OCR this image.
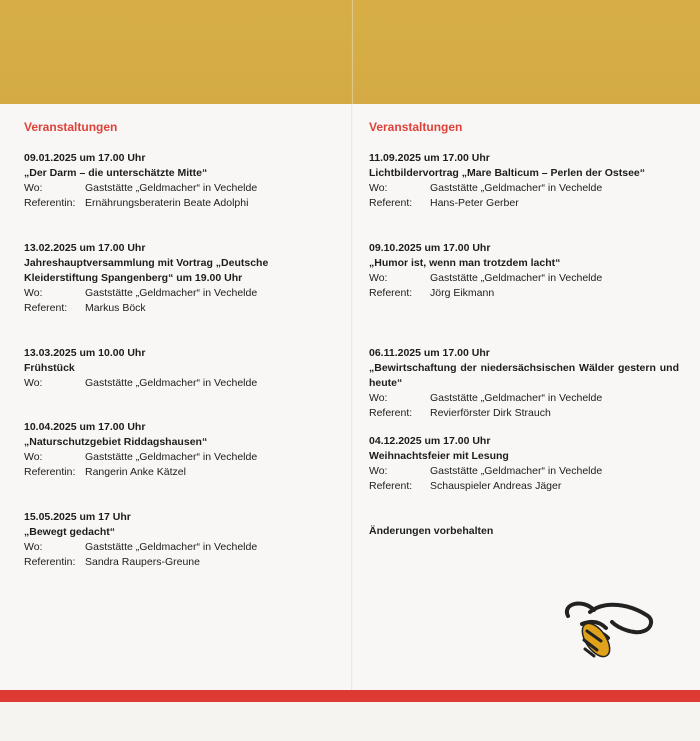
Veranstaltungen
09.01.2025 um 17.00 Uhr
„Der Darm – die unterschätzte Mitte“
Wo:	Gaststätte „Geldmacher“ in Vechelde
Referentin: Ernährungsberaterin Beate Adolphi
13.02.2025 um 17.00 Uhr
Jahreshauptversammlung mit Vortrag „Deutsche Kleiderstiftung Spangenberg“ um 19.00 Uhr
Wo:	Gaststätte „Geldmacher“ in Vechelde
Referent:	Markus Böck
13.03.2025 um 10.00 Uhr
Frühstück
Wo:	Gaststätte „Geldmacher“ in Vechelde
10.04.2025 um 17.00 Uhr
„Naturschutzgebiet Riddagshausen“
Wo:	Gaststätte „Geldmacher“ in Vechelde
Referentin: Rangerin Anke Kätzel
15.05.2025 um 17 Uhr
„Bewegt gedacht“
Wo:	Gaststätte „Geldmacher“ in Vechelde
Referentin: Sandra Raupers-Greune
Veranstaltungen
11.09.2025 um 17.00 Uhr
Lichtbildervortrag „Mare Balticum – Perlen der Ostsee“
Wo:	Gaststätte „Geldmacher“ in Vechelde
Referent:	Hans-Peter Gerber
09.10.2025 um 17.00 Uhr
„Humor ist, wenn man trotzdem lacht“
Wo:	Gaststätte „Geldmacher“ in Vechelde
Referent:	Jörg Eikmann
06.11.2025 um 17.00 Uhr
„Bewirtschaftung der niedersächsischen Wälder gestern und heute“
Wo:	Gaststätte „Geldmacher“ in Vechelde
Referent:	Revierförster Dirk Strauch
04.12.2025 um 17.00 Uhr
Weihnachtsfeier mit Lesung
Wo:	Gaststätte „Geldmacher“ in Vechelde
Referent:	Schauspieler Andreas Jäger
Änderungen vorbehalten
